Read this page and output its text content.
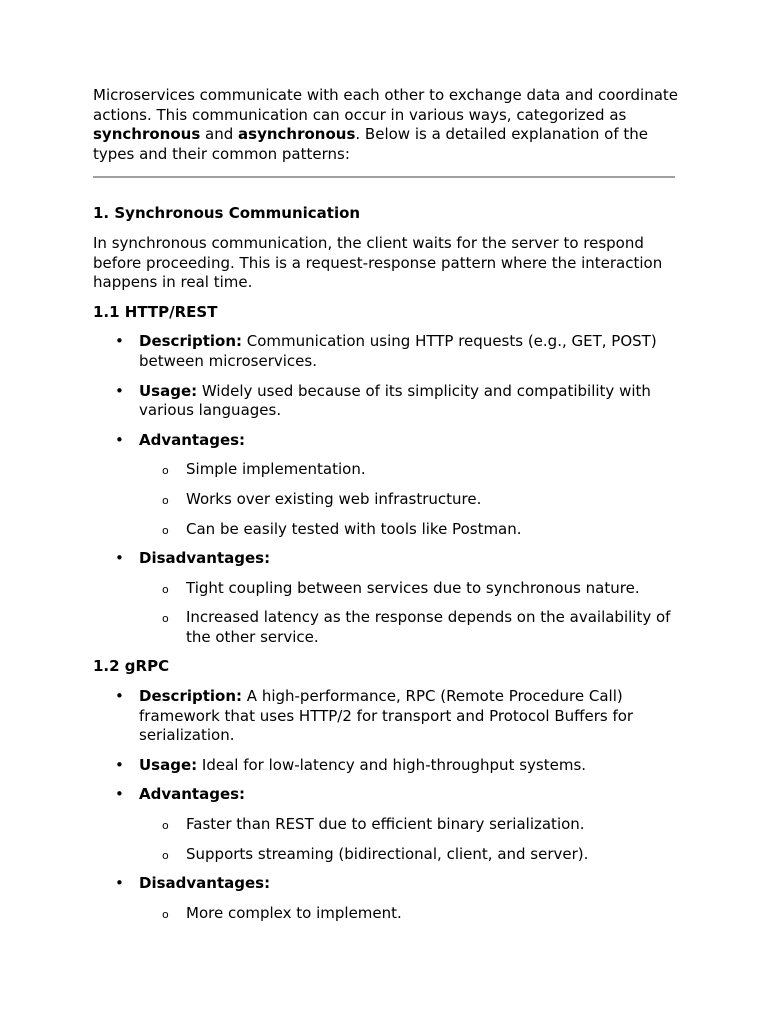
Microservices communicate with each other to exchange data and coordinate actions. This communication can occur in various ways, categorized as synchronous and asynchronous. Below is a detailed explanation of the types and their common patterns:

1. Synchronous Communication

In synchronous communication, the client waits for the server to respond before proceeding. This is a request-response pattern where the interaction happens in real time.

1.1 HTTP/REST
• Description: Communication using HTTP requests (e.g., GET, POST) between microservices.
• Usage: Widely used because of its simplicity and compatibility with various languages.
• Advantages:
o Simple implementation.
o Works over existing web infrastructure.
o Can be easily tested with tools like Postman.
• Disadvantages:
o Tight coupling between services due to synchronous nature.
o Increased latency as the response depends on the availability of the other service.
1.2 gRPC
• Description: A high-performance, RPC (Remote Procedure Call) framework that uses HTTP/2 for transport and Protocol Buffers for serialization.
• Usage: Ideal for low-latency and high-throughput systems.
• Advantages:
o Faster than REST due to efficient binary serialization.
o Supports streaming (bidirectional, client, and server).
• Disadvantages:
o More complex to implement.
